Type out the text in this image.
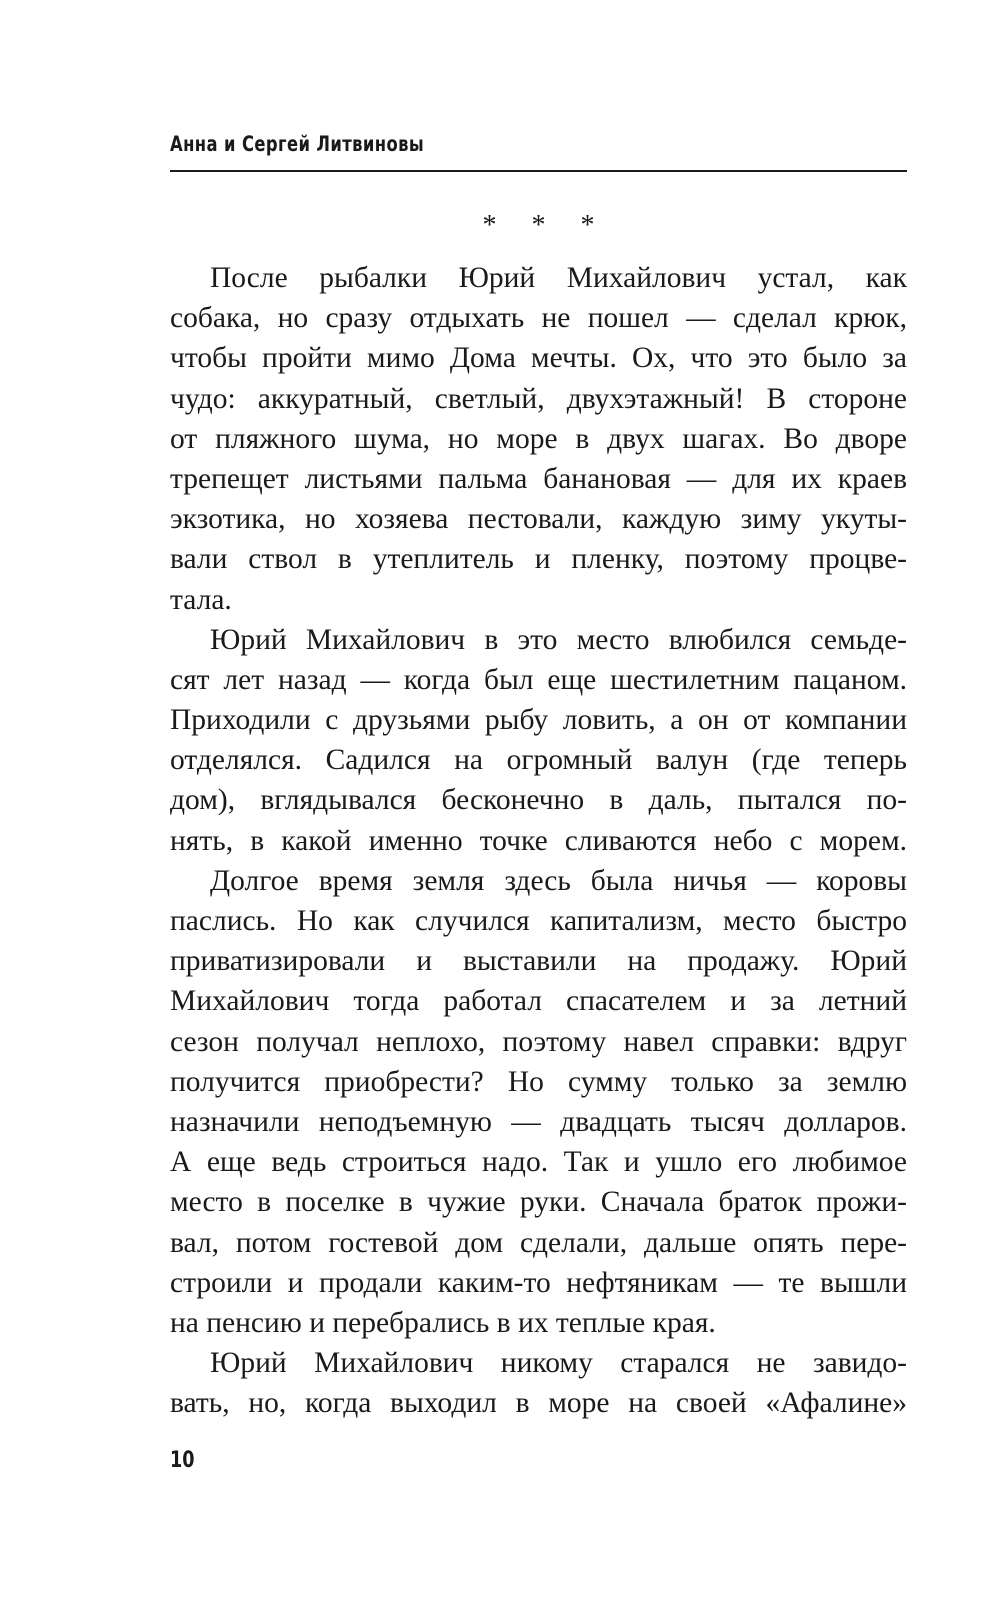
Анна и Сергей Литвиновы
* * *
После рыбалки Юрий Михайлович устал, как
собака, но сразу отдыхать не пошел — сделал крюк,
чтобы пройти мимо Дома мечты. Ох, что это было за
чудо: аккуратный, светлый, двухэтажный! В стороне
от пляжного шума, но море в двух шагах. Во дворе
трепещет листьями пальма банановая — для их краев
экзотика, но хозяева пестовали, каждую зиму укуты-
вали ствол в утеплитель и пленку, поэтому процве-
тала.
Юрий Михайлович в это место влюбился семьде-
сят лет назад — когда был еще шестилетним пацаном.
Приходили с друзьями рыбу ловить, а он от компании
отделялся. Садился на огромный валун (где теперь
дом), вглядывался бесконечно в даль, пытался по-
нять, в какой именно точке сливаются небо с морем.
Долгое время земля здесь была ничья — коровы
паслись. Но как случился капитализм, место быстро
приватизировали и выставили на продажу. Юрий
Михайлович тогда работал спасателем и за летний
сезон получал неплохо, поэтому навел справки: вдруг
получится приобрести? Но сумму только за землю
назначили неподъемную — двадцать тысяч долларов.
А еще ведь строиться надо. Так и ушло его любимое
место в поселке в чужие руки. Сначала браток прожи-
вал, потом гостевой дом сделали, дальше опять пере-
строили и продали каким-то нефтяникам — те вышли
на пенсию и перебрались в их теплые края.
Юрий Михайлович никому старался не завидо-
вать, но, когда выходил в море на своей «Афалине»
10
